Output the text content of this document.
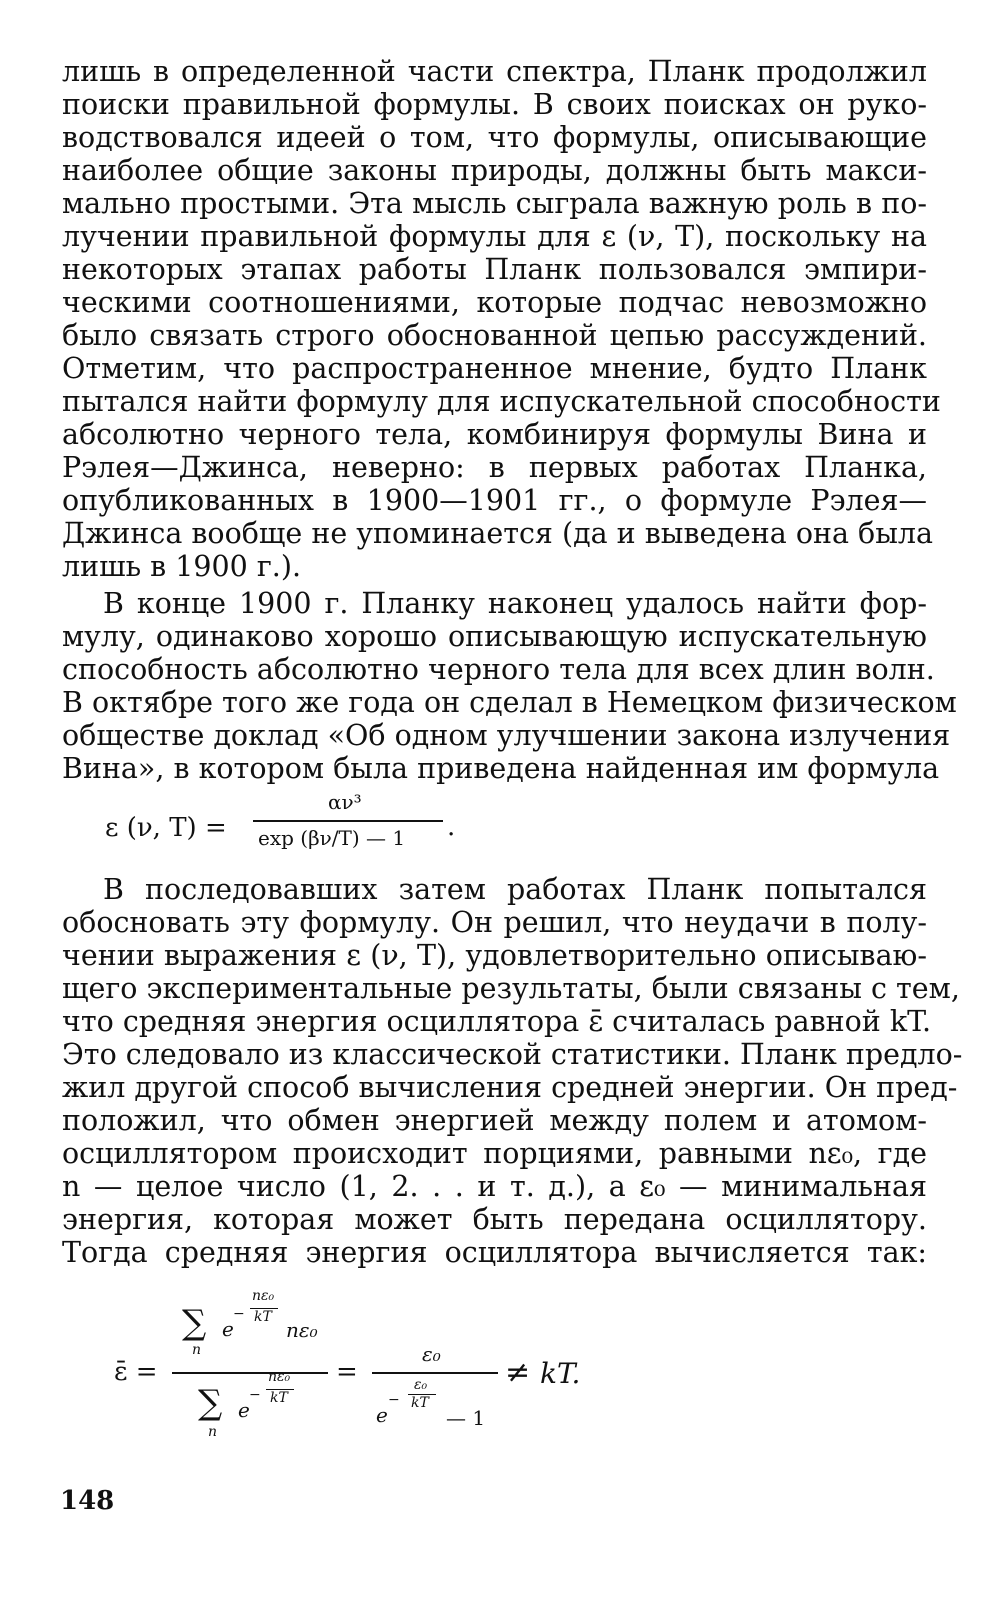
лишь в определенной части спектра, Планк продолжил
поиски правильной формулы. В своих поисках он руко-
водствовался идеей о том, что формулы, описывающие
наиболее общие законы природы, должны быть макси-
мально простыми. Эта мысль сыграла важную роль в по-
лучении правильной формулы для ε (ν, T), поскольку на
некоторых этапах работы Планк пользовался эмпири-
ческими соотношениями, которые подчас невозможно
было связать строго обоснованной цепью рассуждений.
Отметим, что распространенное мнение, будто Планк
пытался найти формулу для испускательной способности
абсолютно черного тела, комбинируя формулы Вина и
Рэлея—Джинса, неверно: в первых работах Планка,
опубликованных в 1900—1901 гг., о формуле Рэлея—
Джинса вообще не упоминается (да и выведена она была
лишь в 1900 г.).
В конце 1900 г. Планку наконец удалось найти фор-
мулу, одинаково хорошо описывающую испускательную
способность абсолютно черного тела для всех длин волн.
В октябре того же года он сделал в Немецком физическом
обществе доклад «Об одном улучшении закона излучения
Вина», в котором была приведена найденная им формула
ε (ν, T) =
αν³
exp (βν/T) — 1 .
В последовавших затем работах Планк попытался
обосновать эту формулу. Он решил, что неудачи в полу-
чении выражения ε (ν, T), удовлетворительно описываю-
щего экспериментальные результаты, были связаны с тем,
что средняя энергия осциллятора ε̄ считалась равной kT.
Это следовало из классической статистики. Планк предло-
жил другой способ вычисления средней энергии. Он пред-
положил, что обмен энергией между полем и атомом-
осциллятором происходит порциями, равными nε₀, где
n — целое число (1, 2. . . и т. д.), а ε₀ — минимальная
энергия, которая может быть передана осциллятору.
Тогда средняя энергия осциллятора вычисляется так:
ε̄ =
∑
n
e
−
nε₀
kT
nε₀
∑
n
e
−
nε₀
kT
=
ε₀
e
−
ε₀
kT
— 1
≠ kT.
148
